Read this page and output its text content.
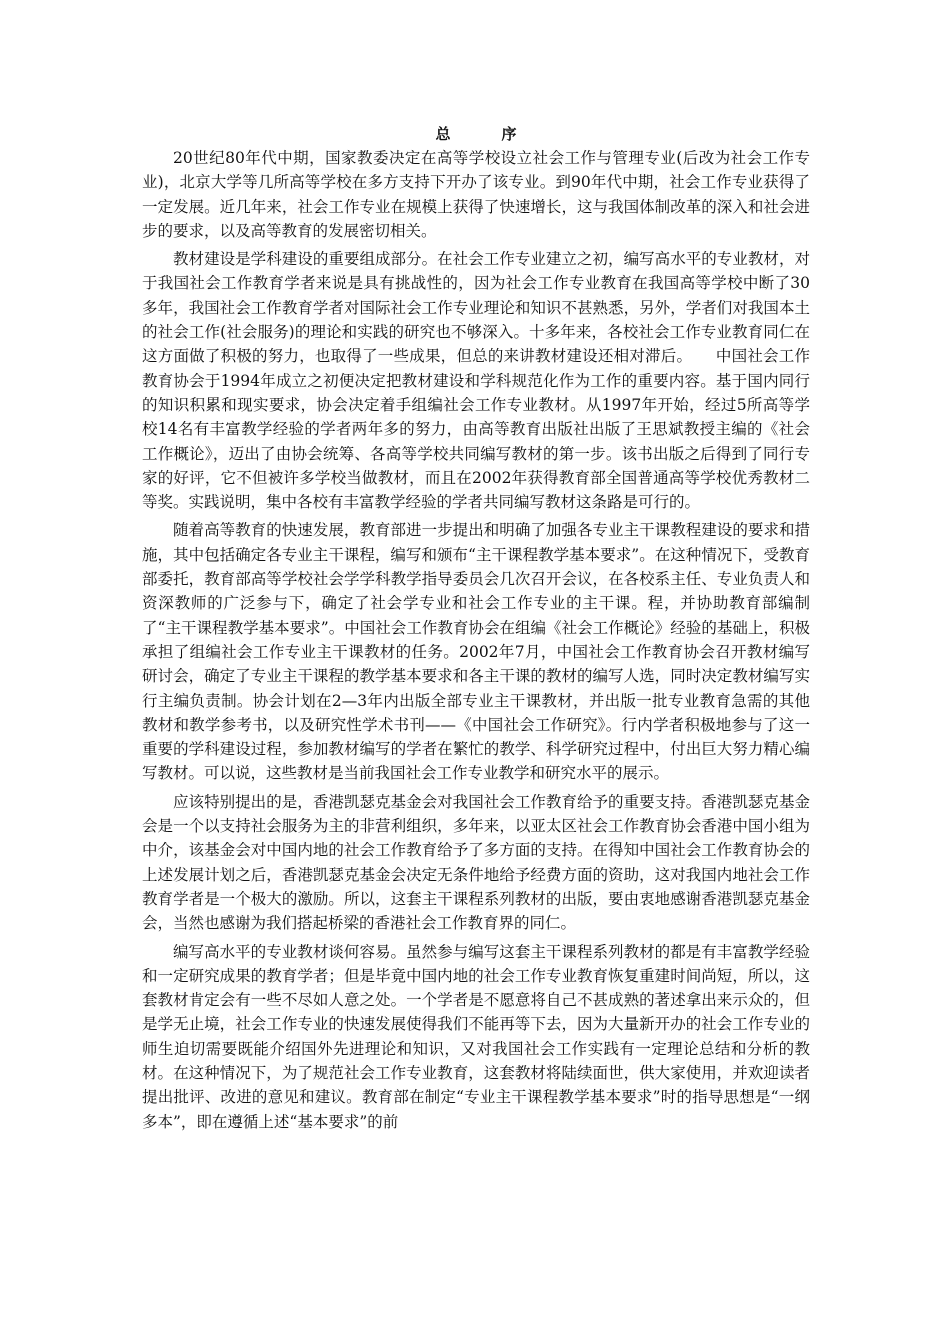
总　序

20世纪80年代中期，国家教委决定在高等学校设立社会工作与管理专业(后改为社会工作专业)，北京大学等几所高等学校在多方支持下开办了该专业。到90年代中期，社会工作专业获得了一定发展。近几年来，社会工作专业在规模上获得了快速增长，这与我国体制改革的深入和社会进步的要求，以及高等教育的发展密切相关。

教材建设是学科建设的重要组成部分。在社会工作专业建立之初，编写高水平的专业教材，对于我国社会工作教育学者来说是具有挑战性的，因为社会工作专业教育在我国高等学校中断了30多年，我国社会工作教育学者对国际社会工作专业理论和知识不甚熟悉，另外，学者们对我国本土的社会工作(社会服务)的理论和实践的研究也不够深入。十多年来，各校社会工作专业教育同仁在这方面做了积极的努力，也取得了一些成果，但总的来讲教材建设还相对滞后。　　中国社会工作教育协会于1994年成立之初便决定把教材建设和学科规范化作为工作的重要内容。基于国内同行的知识积累和现实要求，协会决定着手组编社会工作专业教材。从1997年开始，经过5所高等学校14名有丰富教学经验的学者两年多的努力，由高等教育出版社出版了王思斌教授主编的《社会工作概论》，迈出了由协会统筹、各高等学校共同编写教材的第一步。该书出版之后得到了同行专家的好评，它不但被许多学校当做教材，而且在2002年获得教育部全国普通高等学校优秀教材二等奖。实践说明，集中各校有丰富教学经验的学者共同编写教材这条路是可行的。

随着高等教育的快速发展，教育部进一步提出和明确了加强各专业主干课教程建设的要求和措施，其中包括确定各专业主干课程，编写和颁布“主干课程教学基本要求”。在这种情况下，受教育部委托，教育部高等学校社会学学科教学指导委员会几次召开会议，在各校系主任、专业负责人和资深教师的广泛参与下，确定了社会学专业和社会工作专业的主干课。程，并协助教育部编制了“主干课程教学基本要求”。中国社会工作教育协会在组编《社会工作概论》经验的基础上，积极承担了组编社会工作专业主干课教材的任务。2002年7月，中国社会工作教育协会召开教材编写研讨会，确定了专业主干课程的教学基本要求和各主干课的教材的编写人选，同时决定教材编写实行主编负责制。协会计划在2—3年内出版全部专业主干课教材，并出版一批专业教育急需的其他教材和教学参考书，以及研究性学术书刊——《中国社会工作研究》。行内学者积极地参与了这一重要的学科建设过程，参加教材编写的学者在繁忙的教学、科学研究过程中，付出巨大努力精心编写教材。可以说，这些教材是当前我国社会工作专业教学和研究水平的展示。

应该特别提出的是，香港凯瑟克基金会对我国社会工作教育给予的重要支持。香港凯瑟克基金会是一个以支持社会服务为主的非营利组织，多年来，以亚太区社会工作教育协会香港中国小组为中介，该基金会对中国内地的社会工作教育给予了多方面的支持。在得知中国社会工作教育协会的上述发展计划之后，香港凯瑟克基金会决定无条件地给予经费方面的资助，这对我国内地社会工作教育学者是一个极大的激励。所以，这套主干课程系列教材的出版，要由衷地感谢香港凯瑟克基金会，当然也感谢为我们搭起桥梁的香港社会工作教育界的同仁。

编写高水平的专业教材谈何容易。虽然参与编写这套主干课程系列教材的都是有丰富教学经验和一定研究成果的教育学者；但是毕竟中国内地的社会工作专业教育恢复重建时间尚短，所以，这套教材肯定会有一些不尽如人意之处。一个学者是不愿意将自己不甚成熟的著述拿出来示众的，但是学无止境，社会工作专业的快速发展使得我们不能再等下去，因为大量新开办的社会工作专业的师生迫切需要既能介绍国外先进理论和知识，又对我国社会工作实践有一定理论总结和分析的教材。在这种情况下，为了规范社会工作专业教育，这套教材将陆续面世，供大家使用，并欢迎读者提出批评、改进的意见和建议。教育部在制定“专业主干课程教学基本要求”时的指导思想是“一纲多本”，即在遵循上述“基本要求”的前
